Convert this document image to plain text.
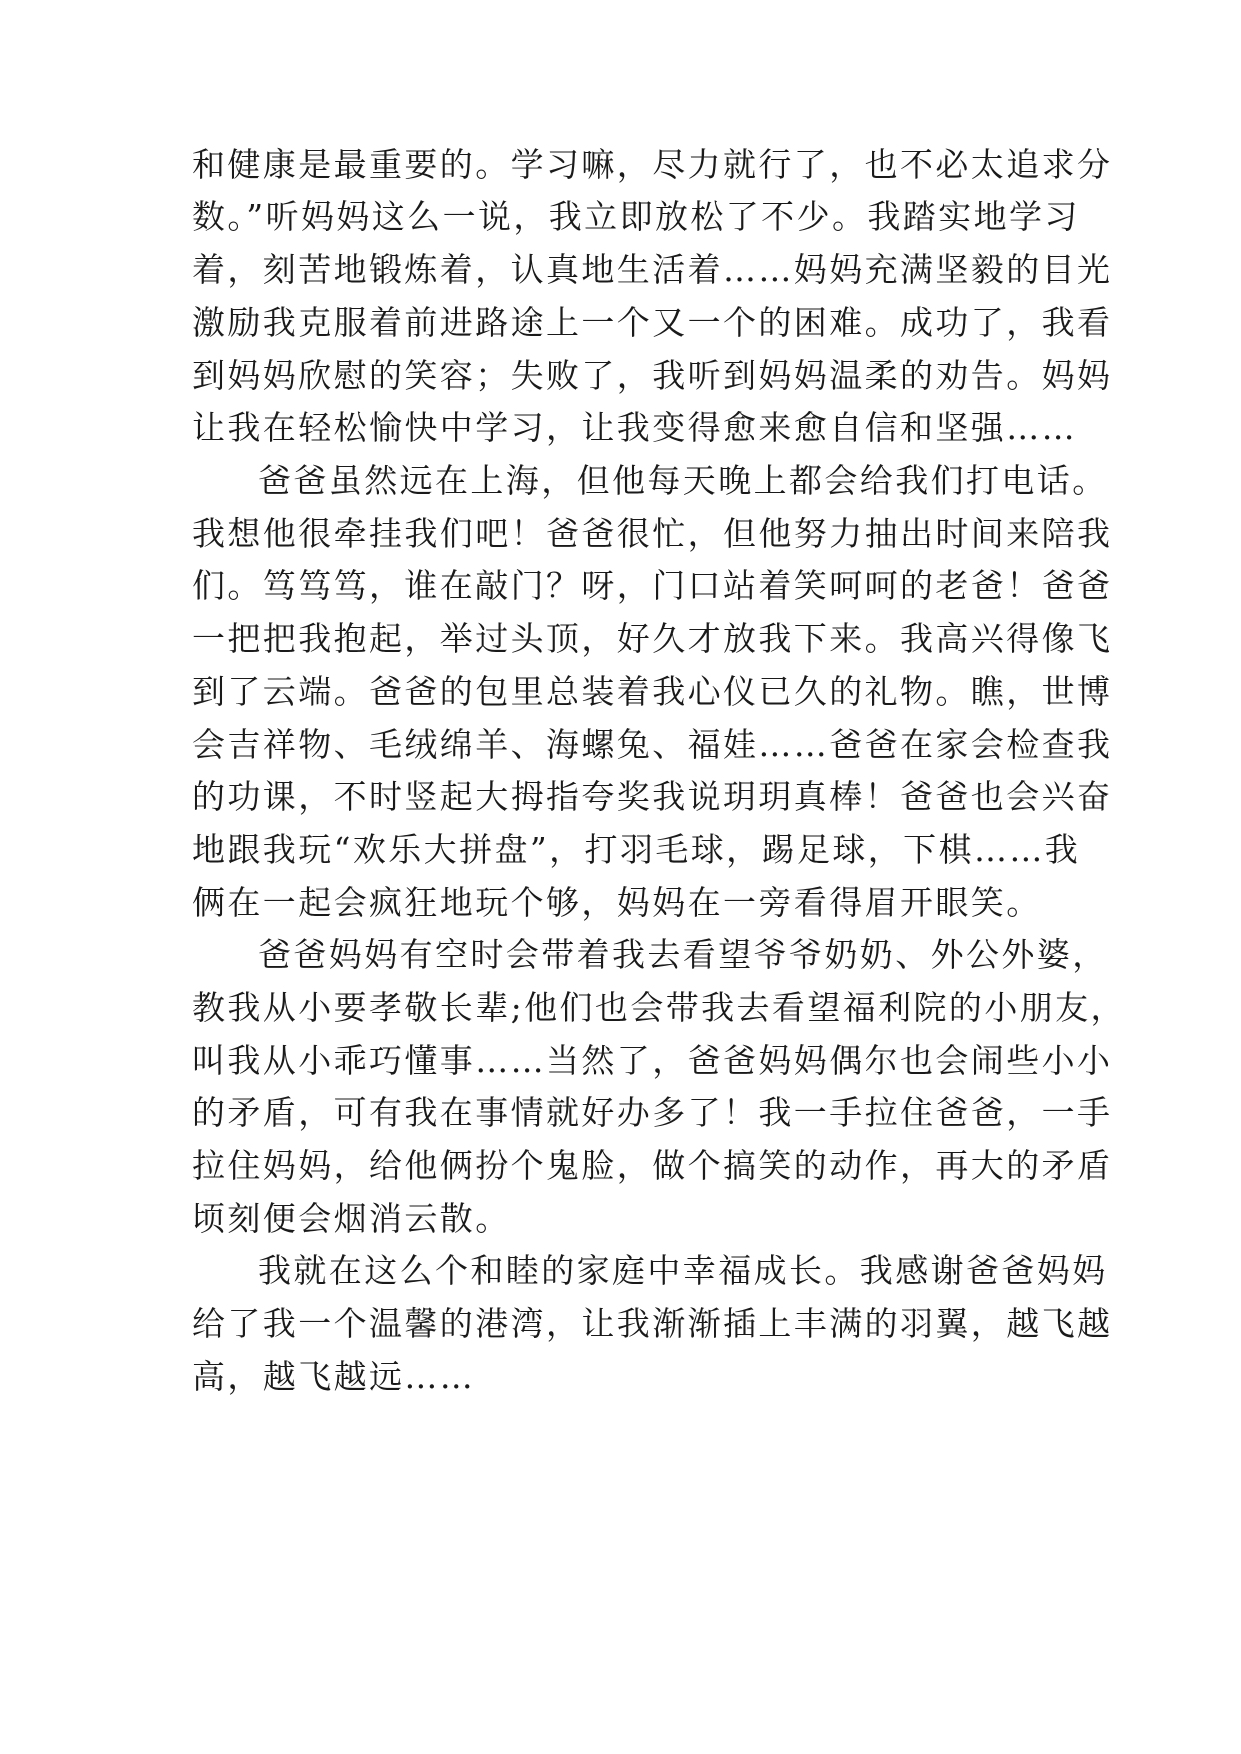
和健康是最重要的。学习嘛，尽力就行了，也不必太追求分
数。”听妈妈这么一说，我立即放松了不少。我踏实地学习
着，刻苦地锻炼着，认真地生活着……妈妈充满坚毅的目光
激励我克服着前进路途上一个又一个的困难。成功了，我看
到妈妈欣慰的笑容；失败了，我听到妈妈温柔的劝告。妈妈
让我在轻松愉快中学习，让我变得愈来愈自信和坚强……
爸爸虽然远在上海，但他每天晚上都会给我们打电话。
我想他很牵挂我们吧！爸爸很忙，但他努力抽出时间来陪我
们。笃笃笃，谁在敲门？呀，门口站着笑呵呵的老爸！爸爸
一把把我抱起，举过头顶，好久才放我下来。我高兴得像飞
到了云端。爸爸的包里总装着我心仪已久的礼物。瞧，世博
会吉祥物、毛绒绵羊、海螺兔、福娃……爸爸在家会检查我
的功课，不时竖起大拇指夸奖我说玥玥真棒！爸爸也会兴奋
地跟我玩“欢乐大拼盘”，打羽毛球，踢足球，下棋……我
俩在一起会疯狂地玩个够，妈妈在一旁看得眉开眼笑。
爸爸妈妈有空时会带着我去看望爷爷奶奶、外公外婆，
教我从小要孝敬长辈;他们也会带我去看望福利院的小朋友，
叫我从小乖巧懂事……当然了，爸爸妈妈偶尔也会闹些小小
的矛盾，可有我在事情就好办多了！我一手拉住爸爸，一手
拉住妈妈，给他俩扮个鬼脸，做个搞笑的动作，再大的矛盾
顷刻便会烟消云散。
我就在这么个和睦的家庭中幸福成长。我感谢爸爸妈妈
给了我一个温馨的港湾，让我渐渐插上丰满的羽翼，越飞越
高，越飞越远……
